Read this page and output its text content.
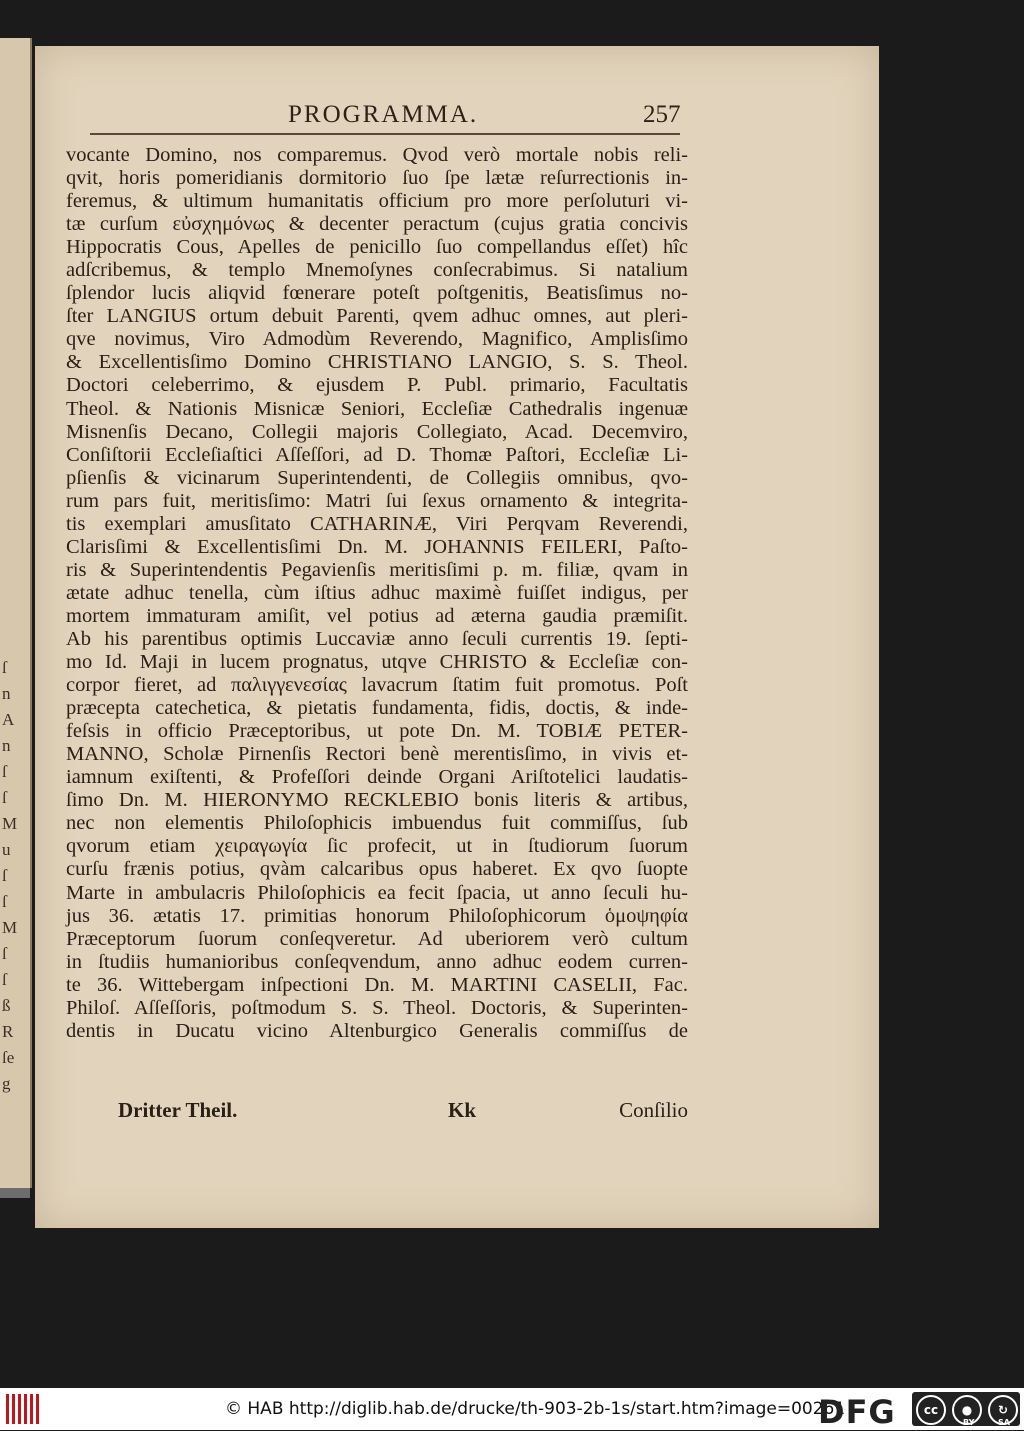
ſ
n
A
n
ſ
ſ
M
u
ſ
ſ
M
ſ
ſ
ß
R
ſe
g
PROGRAMMA.	257
vocante Domino, nos comparemus. Qvod verò mortale nobis reli-
qvit, horis pomeridianis dormitorio ſuo ſpe lætæ reſurrectionis in-
feremus, & ultimum humanitatis officium pro more perſoluturi vi-
tæ curſum εὐσχημόνως & decenter peractum (cujus gratia concivis
Hippocratis Cous, Apelles de penicillo ſuo compellandus eſſet) hîc
adſcribemus, & templo Mnemoſynes conſecrabimus. Si natalium
ſplendor lucis aliqvid fœnerare poteſt poſtgenitis, Beatisſimus no-
ſter LANGIUS ortum debuit Parenti, qvem adhuc omnes, aut pleri-
qve novimus, Viro Admodùm Reverendo, Magnifico, Amplisſimo
& Excellentisſimo Domino CHRISTIANO LANGIO, S. S. Theol.
Doctori celeberrimo, & ejusdem P. Publ. primario, Facultatis
Theol. & Nationis Misnicæ Seniori, Eccleſiæ Cathedralis ingenuæ
Misnenſis Decano, Collegii majoris Collegiato, Acad. Decemviro,
Conſiſtorii Eccleſiaſtici Aſſeſſori, ad D. Thomæ Paſtori, Eccleſiæ Li-
pſienſis & vicinarum Superintendenti, de Collegiis omnibus, qvo-
rum pars fuit, meritisſimo: Matri ſui ſexus ornamento & integrita-
tis exemplari amusſitato CATHARINÆ, Viri Perqvam Reverendi,
Clarisſimi & Excellentisſimi Dn. M. JOHANNIS FEILERI, Paſto-
ris & Superintendentis Pegavienſis meritisſimi p. m. filiæ, qvam in
ætate adhuc tenella, cùm iſtius adhuc maximè fuiſſet indigus, per
mortem immaturam amiſit, vel potius ad æterna gaudia præmiſit.
Ab his parentibus optimis Luccaviæ anno ſeculi currentis 19. ſepti-
mo Id. Maji in lucem prognatus, utqve CHRISTO & Eccleſiæ con-
corpor fieret, ad παλιγγενεσίας lavacrum ſtatim fuit promotus. Poſt
præcepta catechetica, & pietatis fundamenta, fidis, doctis, & inde-
feſsis in officio Præceptoribus, ut pote Dn. M. TOBIÆ PETER-
MANNO, Scholæ Pirnenſis Rectori benè merentisſimo, in vivis et-
iamnum exiſtenti, & Profeſſori deinde Organi Ariſtotelici laudatis-
ſimo Dn. M. HIERONYMO RECKLEBIO bonis literis & artibus,
nec non elementis Philoſophicis imbuendus fuit commiſſus, ſub
qvorum etiam χειραγωγία ſic profecit, ut in ſtudiorum ſuorum
curſu frænis potius, qvàm calcaribus opus haberet. Ex qvo ſuopte
Marte in ambulacris Philoſophicis ea fecit ſpacia, ut anno ſeculi hu-
jus 36. ætatis 17. primitias honorum Philoſophicorum ὁμοψηφία
Præceptorum ſuorum conſeqveretur. Ad uberiorem verò cultum
in ſtudiis humanioribus conſeqvendum, anno adhuc eodem curren-
te 36. Wittebergam inſpectioni Dn. M. MARTINI CASELII, Fac.
Philoſ. Aſſeſſoris, poſtmodum S. S. Theol. Doctoris, & Superinten-
dentis in Ducatu vicino Altenburgico Generalis commiſſus de
Dritter Theil.	Kk	Conſilio
© HAB http://diglib.hab.de/drucke/th-903-2b-1s/start.htm?image=00261
DFG	cc	●	↻
BY	SA
